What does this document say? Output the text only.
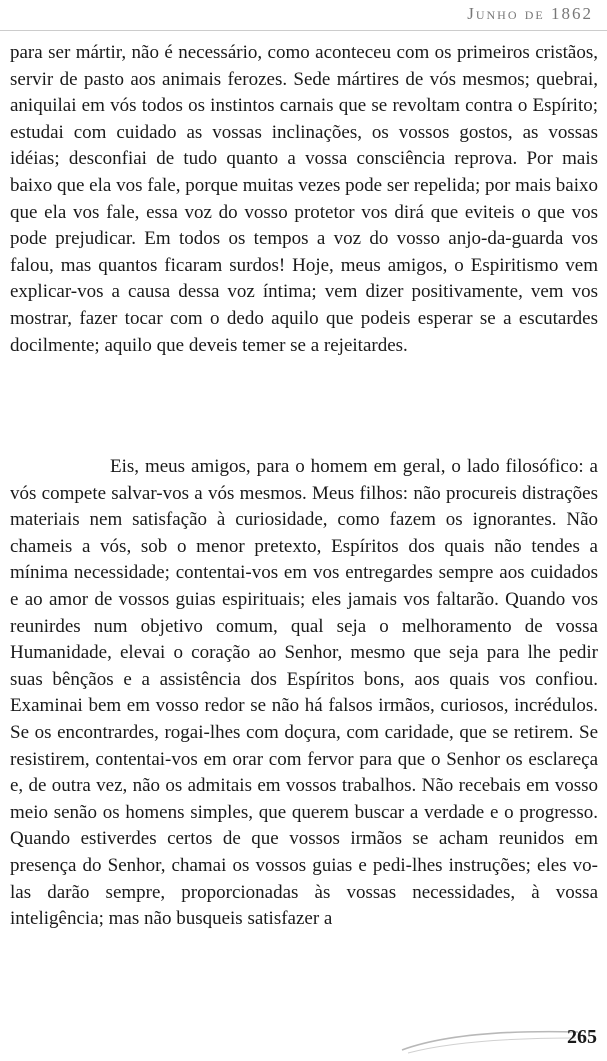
Junho de 1862

para ser mártir, não é necessário, como aconteceu com os primeiros cristãos, servir de pasto aos animais ferozes. Sede mártires de vós mesmos; quebrai, aniquilai em vós todos os instintos carnais que se revoltam contra o Espírito; estudai com cuidado as vossas inclinações, os vossos gostos, as vossas idéias; desconfiai de tudo quanto a vossa consciência reprova. Por mais baixo que ela vos fale, porque muitas vezes pode ser repelida; por mais baixo que ela vos fale, essa voz do vosso protetor vos dirá que eviteis o que vos pode prejudicar. Em todos os tempos a voz do vosso anjo-da-guarda vos falou, mas quantos ficaram surdos! Hoje, meus amigos, o Espiritismo vem explicar-vos a causa dessa voz íntima; vem dizer positivamente, vem vos mostrar, fazer tocar com o dedo aquilo que podeis esperar se a escutardes docilmente; aquilo que deveis temer se a rejeitardes.

Eis, meus amigos, para o homem em geral, o lado filosófico: a vós compete salvar-vos a vós mesmos. Meus filhos: não procureis distrações materiais nem satisfação à curiosidade, como fazem os ignorantes. Não chameis a vós, sob o menor pretexto, Espíritos dos quais não tendes a mínima necessidade; contentai-vos em vos entregardes sempre aos cuidados e ao amor de vossos guias espirituais; eles jamais vos faltarão. Quando vos reunirdes num objetivo comum, qual seja o melhoramento de vossa Humanidade, elevai o coração ao Senhor, mesmo que seja para lhe pedir suas bênçãos e a assistência dos Espíritos bons, aos quais vos confiou. Examinai bem em vosso redor se não há falsos irmãos, curiosos, incrédulos. Se os encontrardes, rogai-lhes com doçura, com caridade, que se retirem. Se resistirem, contentai-vos em orar com fervor para que o Senhor os esclareça e, de outra vez, não os admitais em vossos trabalhos. Não recebais em vosso meio senão os homens simples, que querem buscar a verdade e o progresso. Quando estiverdes certos de que vossos irmãos se acham reunidos em presença do Senhor, chamai os vossos guias e pedi-lhes instruções; eles vo-las darão sempre, proporcionadas às vossas necessidades, à vossa inteligência; mas não busqueis satisfazer a

265
